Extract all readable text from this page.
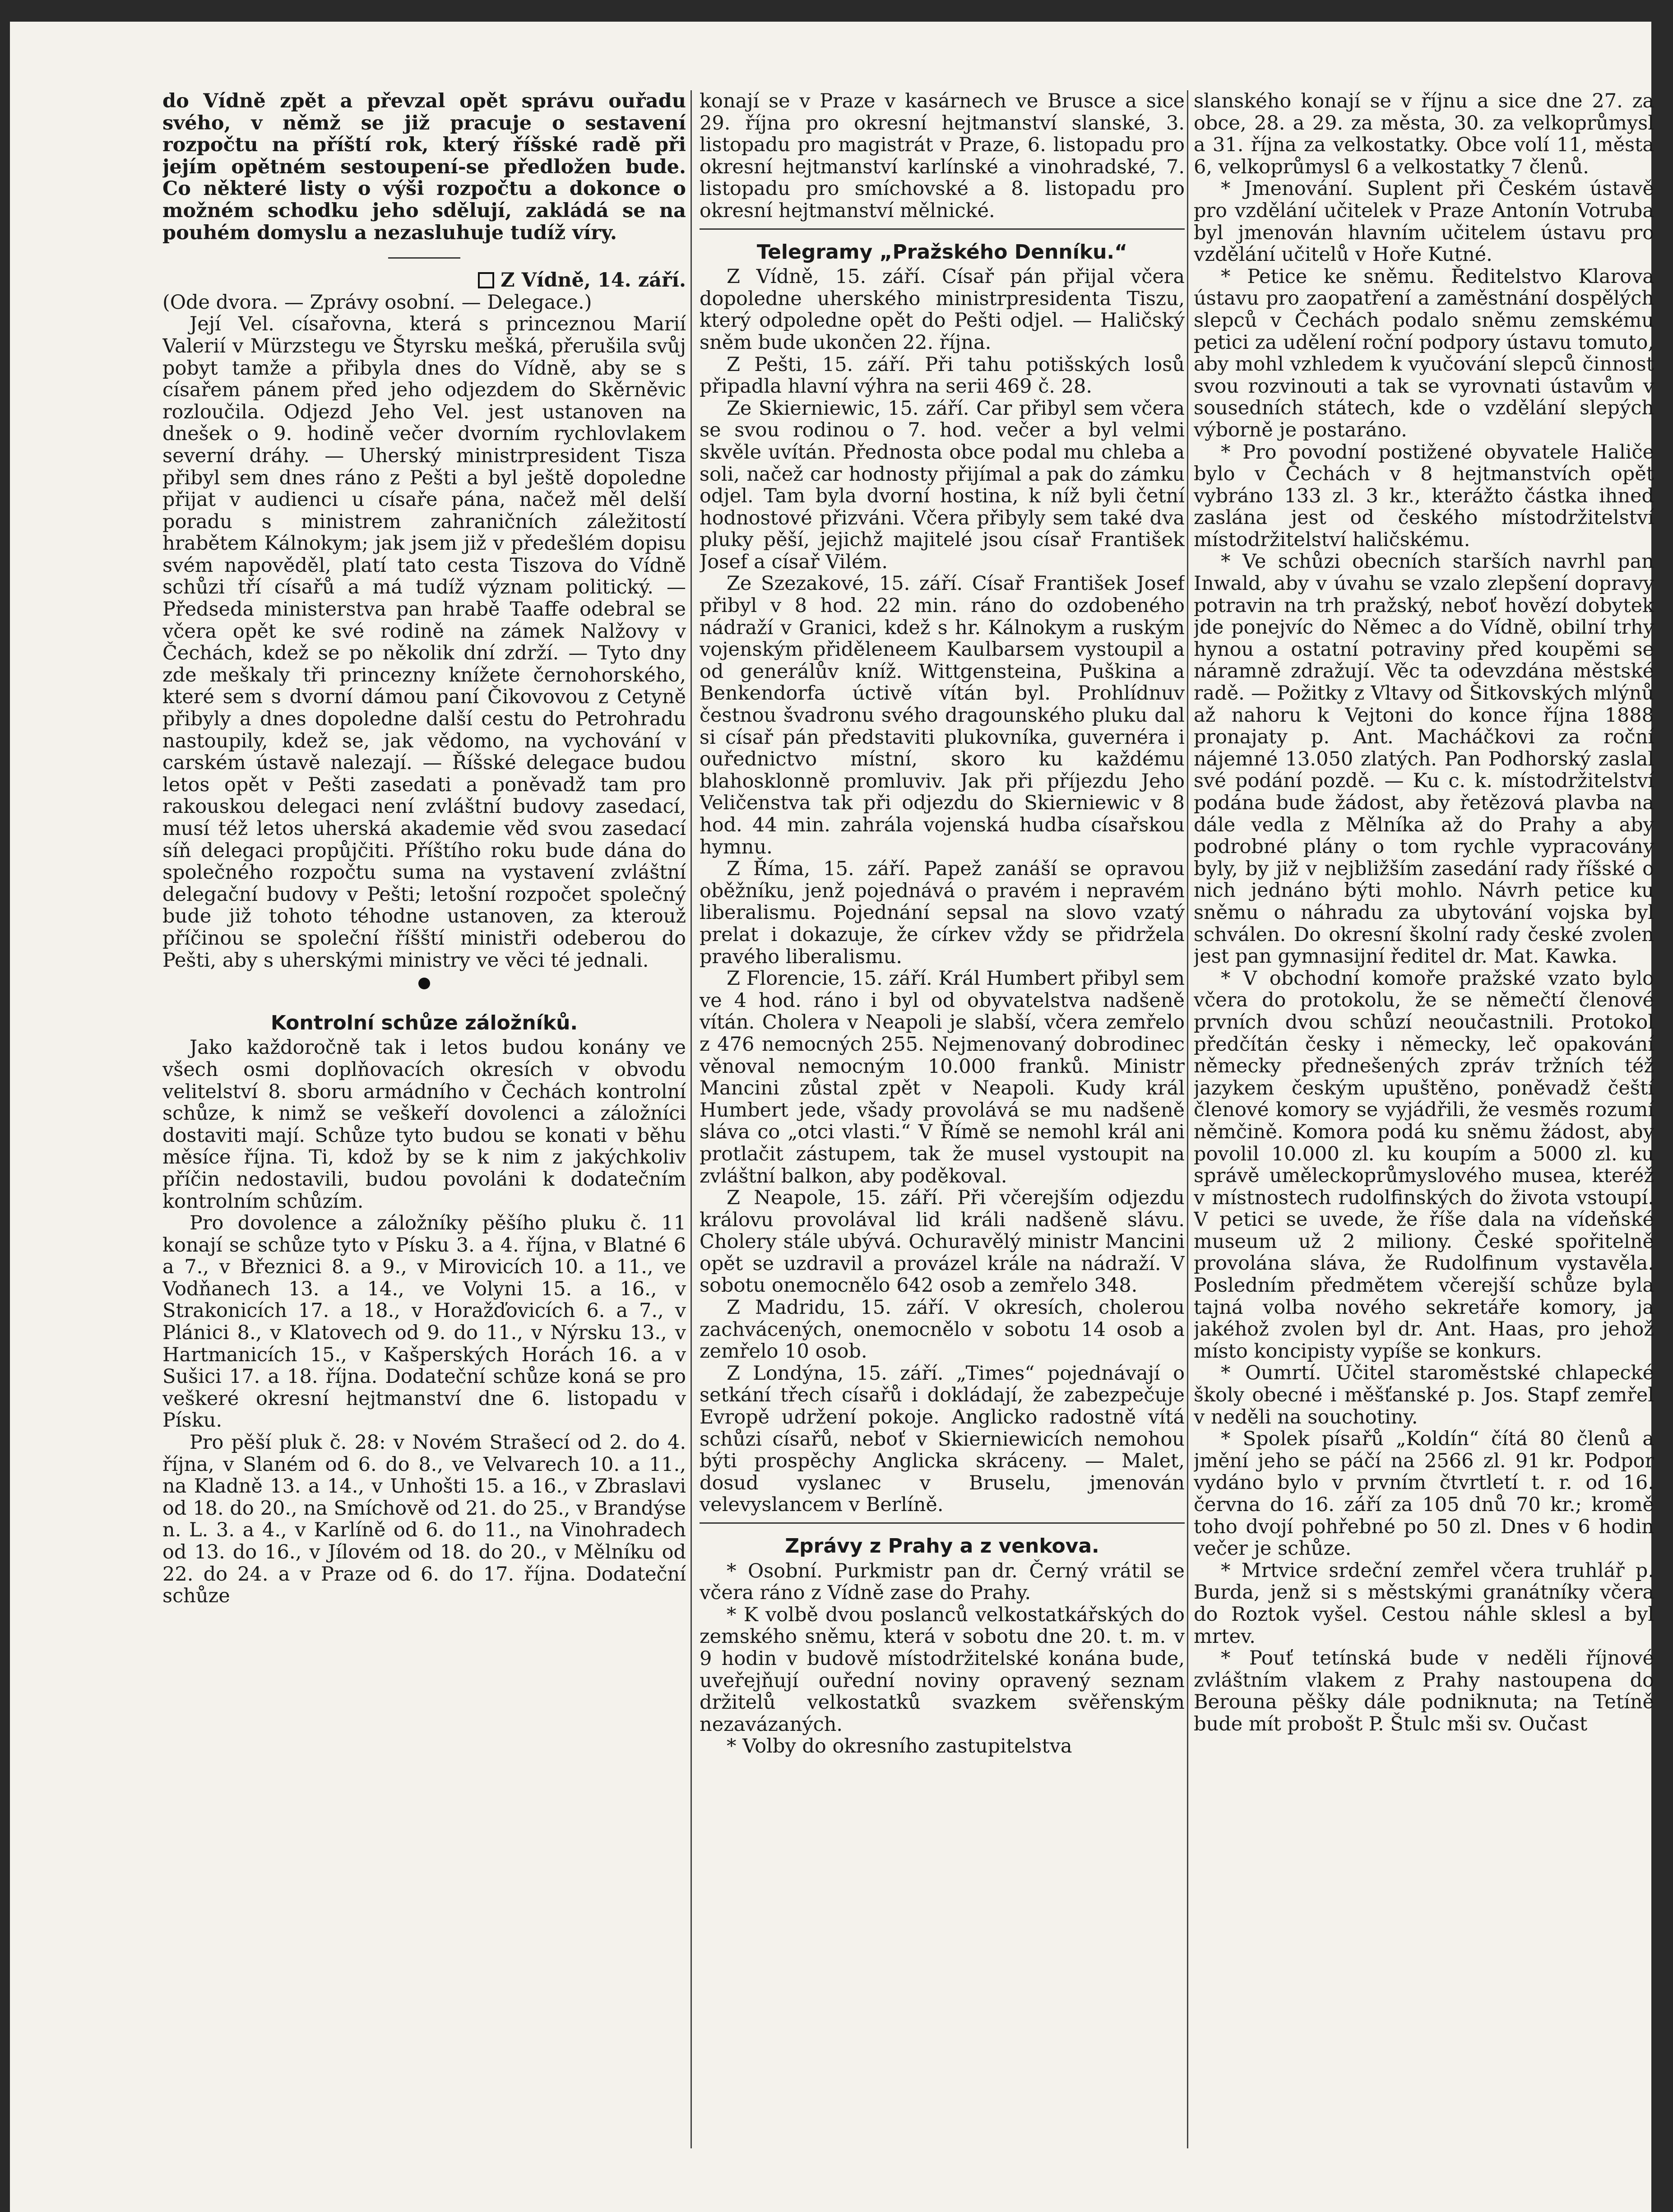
do Vídně zpět a převzal opět správu ouřadu svého, v němž se již pracuje o sestavení rozpočtu na příští rok, který říšské radě při jejím opětném sestoupení-se předložen bude. Co některé listy o výši rozpočtu a dokonce o možném schodku jeho sdělují, zakládá se na pouhém domyslu a nezasluhuje tudíž víry.

Z Vídně, 14. září.

(Ode dvora. — Zprávy osobní. — Delegace.)

Její Vel. císařovna, která s princeznou Marií Valerií v Mürzstegu ve Štyrsku mešká, přerušila svůj pobyt tamže a přibyla dnes do Vídně, aby se s císařem pánem před jeho odjezdem do Skěrněvic rozloučila. Odjezd Jeho Vel. jest ustanoven na dnešek o 9. hodině večer dvorním rychlovlakem severní dráhy. — Uherský ministrpresident Tisza přibyl sem dnes ráno z Pešti a byl ještě dopoledne přijat v audienci u císaře pána, načež měl delší poradu s ministrem zahraničních záležitostí hrabětem Kálnokym; jak jsem již v předešlém dopisu svém napověděl, platí tato cesta Tiszova do Vídně schůzi tří císařů a má tudíž význam politický. — Předseda ministerstva pan hrabě Taaffe odebral se včera opět ke své rodině na zámek Nalžovy v Čechách, kdež se po několik dní zdrží. — Tyto dny zde meškaly tři princezny knížete černohorského, které sem s dvorní dámou paní Čikovovou z Cetyně přibyly a dnes dopoledne další cestu do Petrohradu nastoupily, kdež se, jak vědomo, na vychování v carském ústavě nalezají. — Říšské delegace budou letos opět v Pešti zasedati a poněvadž tam pro rakouskou delegaci není zvláštní budovy zasedací, musí též letos uherská akademie věd svou zasedací síň delegaci propůjčiti. Příštího roku bude dána do společného rozpočtu suma na vystavení zvláštní delegační budovy v Pešti; letošní rozpočet společný bude již tohoto téhodne ustanoven, za kterouž příčinou se společní říšští ministři odeberou do Pešti, aby s uherskými ministry ve věci té jednali.

Kontrolní schůze záložníků.

Jako každoročně tak i letos budou konány ve všech osmi doplňovacích okresích v obvodu velitelství 8. sboru armádního v Čechách kontrolní schůze, k nimž se veškeří dovolenci a záložníci dostaviti mají. Schůze tyto budou se konati v běhu měsíce října. Ti, kdož by se k nim z jakýchkoliv příčin nedostavili, budou povoláni k dodatečním kontrolním schůzím.

Pro dovolence a záložníky pěšího pluku č. 11 konají se schůze tyto v Písku 3. a 4. října, v Blatné 6 a 7., v Březnici 8. a 9., v Mirovicích 10. a 11., ve Vodňanech 13. a 14., ve Volyni 15. a 16., v Strakonicích 17. a 18., v Horažďovicích 6. a 7., v Plánici 8., v Klatovech od 9. do 11., v Nýrsku 13., v Hartmanicích 15., v Kašperských Horách 16. a v Sušici 17. a 18. října. Dodateční schůze koná se pro veškeré okresní hejtmanství dne 6. listopadu v Písku.

Pro pěší pluk č. 28: v Novém Strašecí od 2. do 4. října, v Slaném od 6. do 8., ve Velvarech 10. a 11., na Kladně 13. a 14., v Unhošti 15. a 16., v Zbraslavi od 18. do 20., na Smíchově od 21. do 25., v Brandýse n. L. 3. a 4., v Karlíně od 6. do 11., na Vinohradech od 13. do 16., v Jílovém od 18. do 20., v Mělníku od 22. do 24. a v Praze od 6. do 17. října. Dodateční schůze

konají se v Praze v kasárnech ve Brusce a sice 29. října pro okresní hejtmanství slanské, 3. listopadu pro magistrát v Praze, 6. listopadu pro okresní hejtmanství karlínské a vinohradské, 7. listopadu pro smíchovské a 8. listopadu pro okresní hejtmanství mělnické.

Telegramy „Pražského Denníku.“

Z Vídně, 15. září. Císař pán přijal včera dopoledne uherského ministrpresidenta Tiszu, který odpoledne opět do Pešti odjel. — Haličský sněm bude ukončen 22. října.

Z Pešti, 15. září. Při tahu potišských losů připadla hlavní výhra na serii 469 č. 28.

Ze Skierniewic, 15. září. Car přibyl sem včera se svou rodinou o 7. hod. večer a byl velmi skvěle uvítán. Přednosta obce podal mu chleba a soli, načež car hodnosty přijímal a pak do zámku odjel. Tam byla dvorní hostina, k níž byli četní hodnostové přizváni. Včera přibyly sem také dva pluky pěší, jejichž majitelé jsou císař František Josef a císař Vilém.

Ze Szezakové, 15. září. Císař František Josef přibyl v 8 hod. 22 min. ráno do ozdobeného nádraží v Granici, kdež s hr. Kálnokym a ruským vojenským přiděleneem Kaulbarsem vystoupil a od generálův kníž. Wittgensteina, Puškina a Benkendorfa úctivě vítán byl. Prohlídnuv čestnou švadronu svého dragounského pluku dal si císař pán představiti plukovníka, guvernéra i ouřednictvo místní, skoro ku každému blahosklonně promluviv. Jak při příjezdu Jeho Veličenstva tak při odjezdu do Skierniewic v 8 hod. 44 min. zahrála vojenská hudba císařskou hymnu.

Z Říma, 15. září. Papež zanáší se opravou oběžníku, jenž pojednává o pravém i nepravém liberalismu. Pojednání sepsal na slovo vzatý prelat i dokazuje, že církev vždy se přidržela pravého liberalismu.

Z Florencie, 15. září. Král Humbert přibyl sem ve 4 hod. ráno i byl od obyvatelstva nadšeně vítán. Cholera v Neapoli je slabší, včera zemřelo z 476 nemocných 255. Nejmenovaný dobrodinec věnoval nemocným 10.000 franků. Ministr Mancini zůstal zpět v Neapoli. Kudy král Humbert jede, všady provolává se mu nadšeně sláva co „otci vlasti.“ V Římě se nemohl král ani protlačit zástupem, tak že musel vystoupit na zvláštní balkon, aby poděkoval.

Z Neapole, 15. září. Při včerejším odjezdu královu provolával lid králi nadšeně slávu. Cholery stále ubývá. Ochuravělý ministr Mancini opět se uzdravil a provázel krále na nádraží. V sobotu onemocnělo 642 osob a zemřelo 348.

Z Madridu, 15. září. V okresích, cholerou zachvácených, onemocnělo v sobotu 14 osob a zemřelo 10 osob.

Z Londýna, 15. září. „Times“ pojednávají o setkání třech císařů i dokládají, že zabezpečuje Evropě udržení pokoje. Anglicko radostně vítá schůzi císařů, neboť v Skierniewicích nemohou býti prospěchy Anglicka skráceny. — Malet, dosud vyslanec v Bruselu, jmenován velevyslancem v Berlíně.

Zprávy z Prahy a z venkova.

* Osobní. Purkmistr pan dr. Černý vrátil se včera ráno z Vídně zase do Prahy.

* K volbě dvou poslanců velkostatkářských do zemského sněmu, která v sobotu dne 20. t. m. v 9 hodin v budově místodržitelské konána bude, uveřejňují ouřední noviny opravený seznam držitelů velkostatků svazkem svěřenským nezavázaných.

* Volby do okresního zastupitelstva

slanského konají se v říjnu a sice dne 27. za obce, 28. a 29. za města, 30. za velkoprůmysl a 31. října za velkostatky. Obce volí 11, města 6, velkoprůmysl 6 a velkostatky 7 členů.

* Jmenování. Suplent při Českém ústavě pro vzdělání učitelek v Praze Antonín Votruba byl jmenován hlavním učitelem ústavu pro vzdělání učitelů v Hoře Kutné.

* Petice ke sněmu. Ředitelstvo Klarova ústavu pro zaopatření a zaměstnání dospělých slepců v Čechách podalo sněmu zemskému petici za udělení roční podpory ústavu tomuto, aby mohl vzhledem k vyučování slepců činnost svou rozvinouti a tak se vyrovnati ústavům v sousedních státech, kde o vzdělání slepých výborně je postaráno.

* Pro povodní postižené obyvatele Haliče bylo v Čechách v 8 hejtmanstvích opět vybráno 133 zl. 3 kr., kterážto částka ihned zaslána jest od českého místodržitelství místodržitelství haličskému.

* Ve schůzi obecních starších navrhl pan Inwald, aby v úvahu se vzalo zlepšení dopravy potravin na trh pražský, neboť hovězí dobytek jde ponejvíc do Němec a do Vídně, obilní trhy hynou a ostatní potraviny před koupěmi se náramně zdražují. Věc ta odevzdána městské radě. — Požitky z Vltavy od Šitkovských mlýnů až nahoru k Vejtoni do konce října 1888 pronajaty p. Ant. Macháčkovi za roční nájemné 13.050 zlatých. Pan Podhorský zaslal své podání pozdě. — Ku c. k. místodržitelství podána bude žádost, aby řetězová plavba na dále vedla z Mělníka až do Prahy a aby podrobné plány o tom rychle vypracovány byly, by již v nejbližším zasedání rady říšské o nich jednáno býti mohlo. Návrh petice ku sněmu o náhradu za ubytování vojska byl schválen. Do okresní školní rady české zvolen jest pan gymnasijní ředitel dr. Mat. Kawka.

* V obchodní komoře pražské vzato bylo včera do protokolu, že se němečtí členové prvních dvou schůzí neoučastnili. Protokol předčítán česky i německy, leč opakování německy přednešených zpráv tržních též jazykem českým upuštěno, poněvadž čeští členové komory se vyjádřili, že vesměs rozumí němčině. Komora podá ku sněmu žádost, aby povolil 10.000 zl. ku koupím a 5000 zl. ku správě uměleckoprůmyslového musea, kteréž v místnostech rudolfinských do života vstoupí. V petici se uvede, že říše dala na vídeňské museum už 2 miliony. České spořitelně provolána sláva, že Rudolfinum vystavěla. Posledním předmětem včerejší schůze byla tajná volba nového sekretáře komory, ja jakéhož zvolen byl dr. Ant. Haas, pro jehož místo koncipisty vypíše se konkurs.

* Oumrtí. Učitel staroměstské chlapecké školy obecné i měšťanské p. Jos. Stapf zemřel v neděli na souchotiny.

* Spolek písařů „Koldín“ čítá 80 členů a jmění jeho se páčí na 2566 zl. 91 kr. Podpor vydáno bylo v prvním čtvrtletí t. r. od 16. června do 16. září za 105 dnů 70 kr.; kromě toho dvojí pohřebné po 50 zl. Dnes v 6 hodin večer je schůze.

* Mrtvice srdeční zemřel včera truhlář p. Burda, jenž si s městskými granátníky včera do Roztok vyšel. Cestou náhle sklesl a byl mrtev.

* Pouť tetínská bude v neděli říjnové zvláštním vlakem z Prahy nastoupena do Berouna pěšky dále podniknuta; na Tetíně bude mít probošt P. Štulc mši sv. Oučast
